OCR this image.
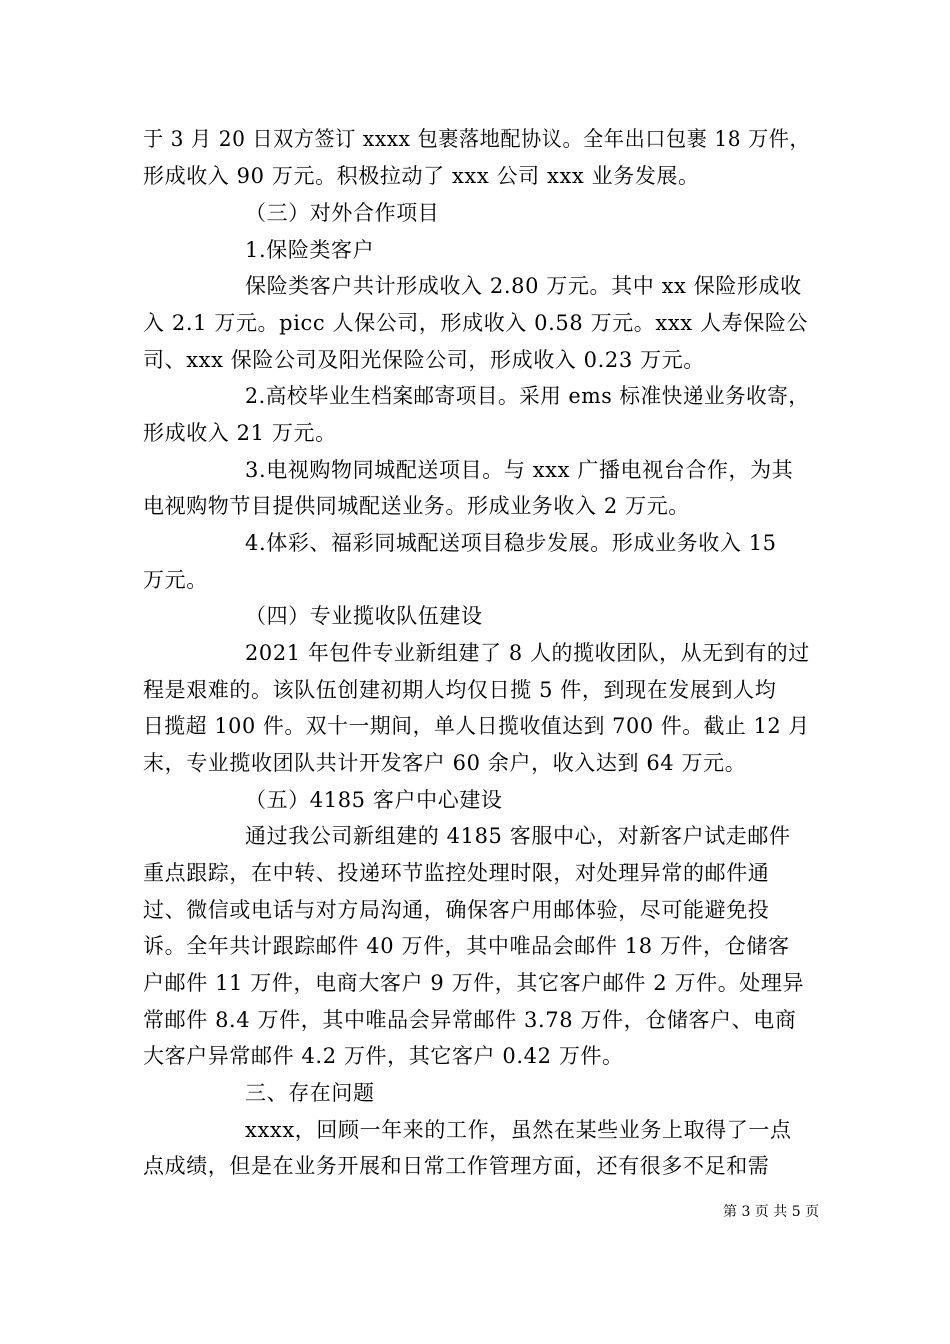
于 3 月 20 日双方签订 xxxx 包裹落地配协议。全年出口包裹 18 万件，
形成收入 90 万元。积极拉动了 xxx 公司 xxx 业务发展。
（三）对外合作项目
1.保险类客户
保险类客户共计形成收入 2.80 万元。其中 xx 保险形成收
入 2.1 万元。picc 人保公司，形成收入 0.58 万元。xxx 人寿保险公
司、xxx 保险公司及阳光保险公司，形成收入 0.23 万元。
2.高校毕业生档案邮寄项目。采用 ems 标准快递业务收寄，
形成收入 21 万元。
3.电视购物同城配送项目。与 xxx 广播电视台合作，为其
电视购物节目提供同城配送业务。形成业务收入 2 万元。
4.体彩、福彩同城配送项目稳步发展。形成业务收入 15
万元。
（四）专业揽收队伍建设
2021 年包件专业新组建了 8 人的揽收团队，从无到有的过
程是艰难的。该队伍创建初期人均仅日揽 5 件，到现在发展到人均
日揽超 100 件。双十一期间，单人日揽收值达到 700 件。截止 12 月
末，专业揽收团队共计开发客户 60 余户，收入达到 64 万元。
（五）4185 客户中心建设
通过我公司新组建的 4185 客服中心，对新客户试走邮件
重点跟踪，在中转、投递环节监控处理时限，对处理异常的邮件通
过、微信或电话与对方局沟通，确保客户用邮体验，尽可能避免投
诉。全年共计跟踪邮件 40 万件，其中唯品会邮件 18 万件，仓储客
户邮件 11 万件，电商大客户 9 万件，其它客户邮件 2 万件。处理异
常邮件 8.4 万件，其中唯品会异常邮件 3.78 万件，仓储客户、电商
大客户异常邮件 4.2 万件，其它客户 0.42 万件。
三、存在问题
xxxx，回顾一年来的工作，虽然在某些业务上取得了一点
点成绩，但是在业务开展和日常工作管理方面，还有很多不足和需
第 3 页 共 5 页
